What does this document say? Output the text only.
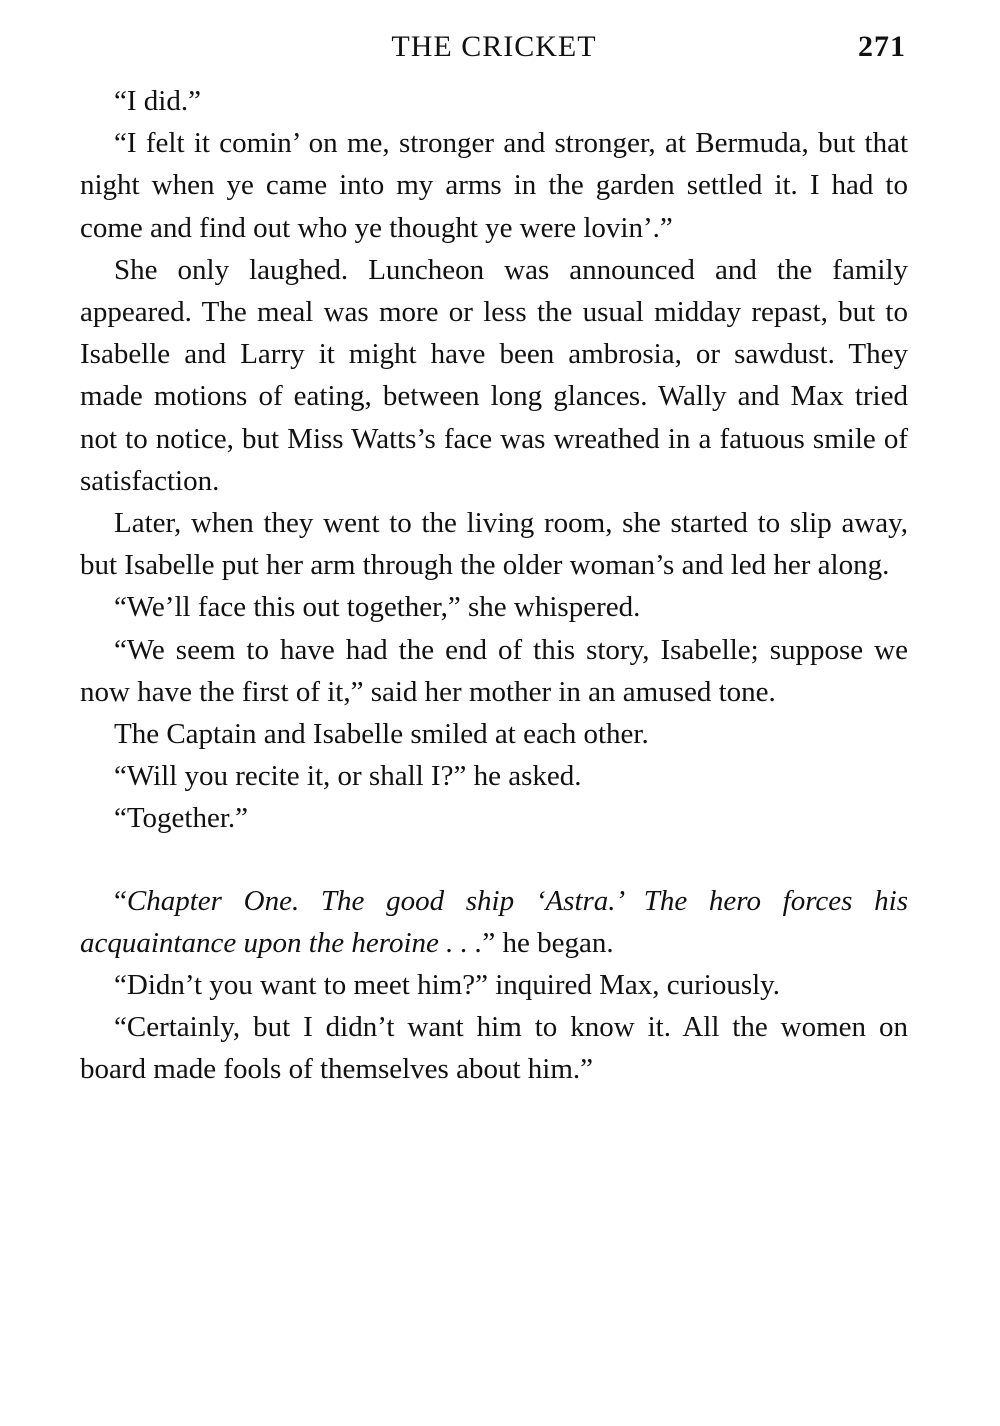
THE CRICKET	271

“I did.”

“I felt it comin’ on me, stronger and stronger, at Bermuda, but that night when ye came into my arms in the garden settled it. I had to come and find out who ye thought ye were lovin’.”

She only laughed. Luncheon was announced and the family appeared. The meal was more or less the usual midday repast, but to Isabelle and Larry it might have been ambrosia, or sawdust. They made motions of eating, between long glances. Wally and Max tried not to notice, but Miss Watts’s face was wreathed in a fatuous smile of satisfaction.

Later, when they went to the living room, she started to slip away, but Isabelle put her arm through the older woman’s and led her along.

“We’ll face this out together,” she whispered.

“We seem to have had the end of this story, Isabelle; suppose we now have the first of it,” said her mother in an amused tone.

The Captain and Isabelle smiled at each other.

“Will you recite it, or shall I?” he asked.

“Together.”

“Chapter One. The good ship ‘Astra.’ The hero forces his acquaintance upon the heroine . . .” he began.

“Didn’t you want to meet him?” inquired Max, curiously.

“Certainly, but I didn’t want him to know it. All the women on board made fools of themselves about him.”
